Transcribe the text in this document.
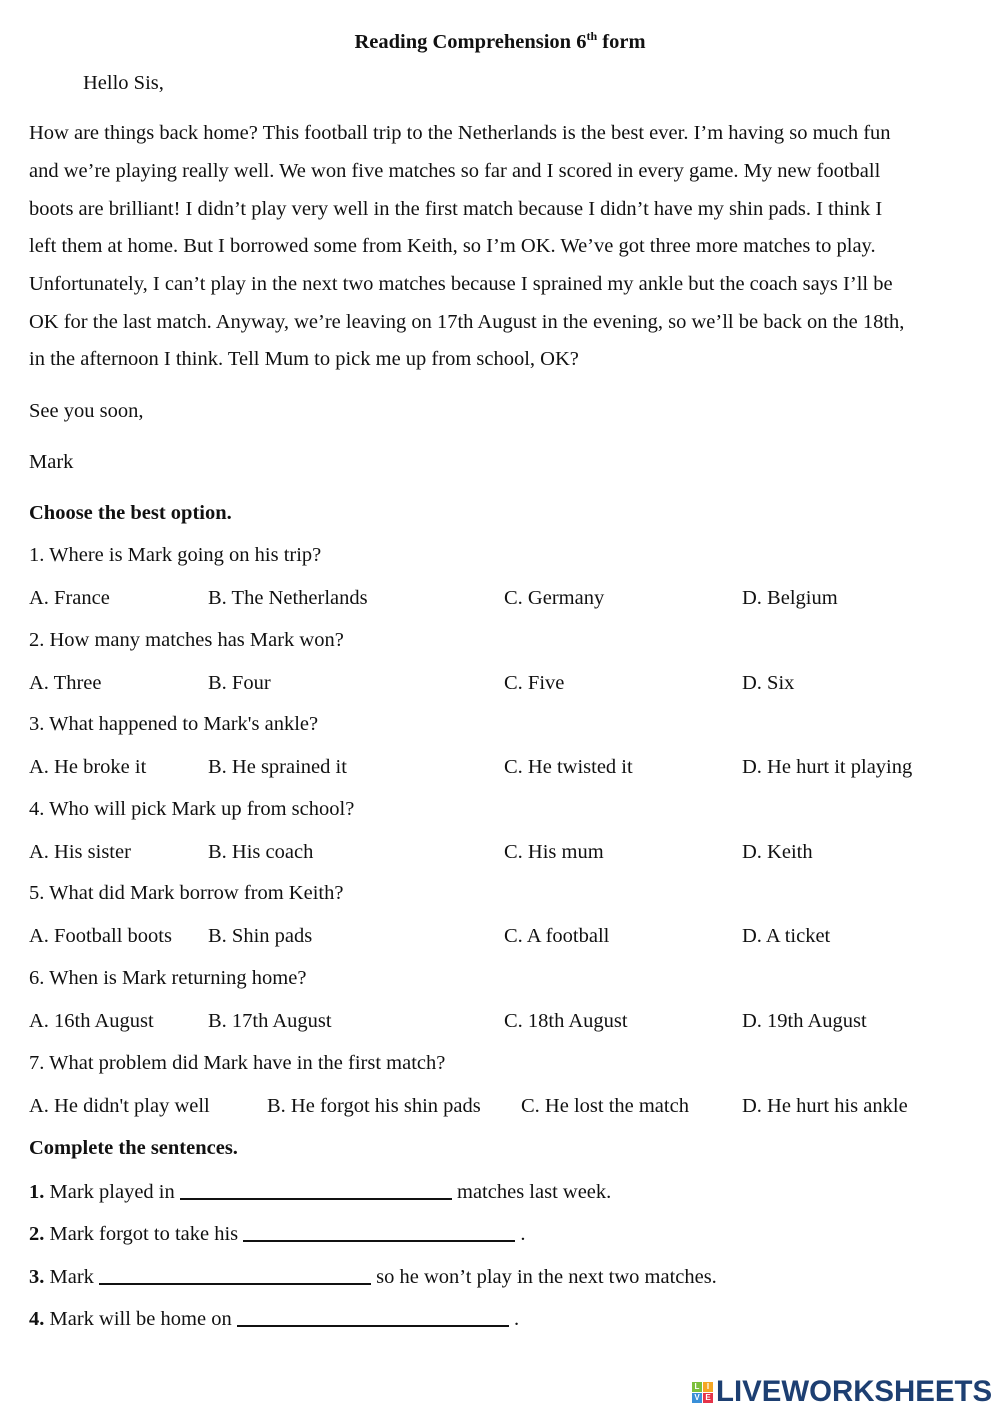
Reading Comprehension 6th form
Hello Sis,
How are things back home? This football trip to the Netherlands is the best ever. I’m having so much fun
and we’re playing really well. We won five matches so far and I scored in every game. My new football
boots are brilliant! I didn’t play very well in the first match because I didn’t have my shin pads. I think I
left them at home. But I borrowed some from Keith, so I’m OK. We’ve got three more matches to play.
Unfortunately, I can’t play in the next two matches because I sprained my ankle but the coach says I’ll be
OK for the last match. Anyway, we’re leaving on 17th August in the evening, so we’ll be back on the 18th,
in the afternoon I think. Tell Mum to pick me up from school, OK?
See you soon,
Mark
Choose the best option.
1. Where is Mark going on his trip?
A. France	B. The Netherlands	C. Germany	D. Belgium
2. How many matches has Mark won?
A. Three	B. Four	C. Five	D. Six
3. What happened to Mark's ankle?
A. He broke it	B. He sprained it	C. He twisted it	D. He hurt it playing
4. Who will pick Mark up from school?
A. His sister	B. His coach	C. His mum	D. Keith
5. What did Mark borrow from Keith?
A. Football boots B. Shin pads	C. A football	D. A ticket
6. When is Mark returning home?
A. 16th August	B. 17th August	C. 18th August	D. 19th August
7. What problem did Mark have in the first match?
A. He didn't play well	B. He forgot his shin pads C. He lost the match	D. He hurt his ankle
Complete the sentences.
1. Mark played in	matches last week.
2. Mark forgot to take his	.
3. Mark	so he won’t play in the next two matches.
4. Mark will be home on	.
L I
V E LIVEWORKSHEETS
